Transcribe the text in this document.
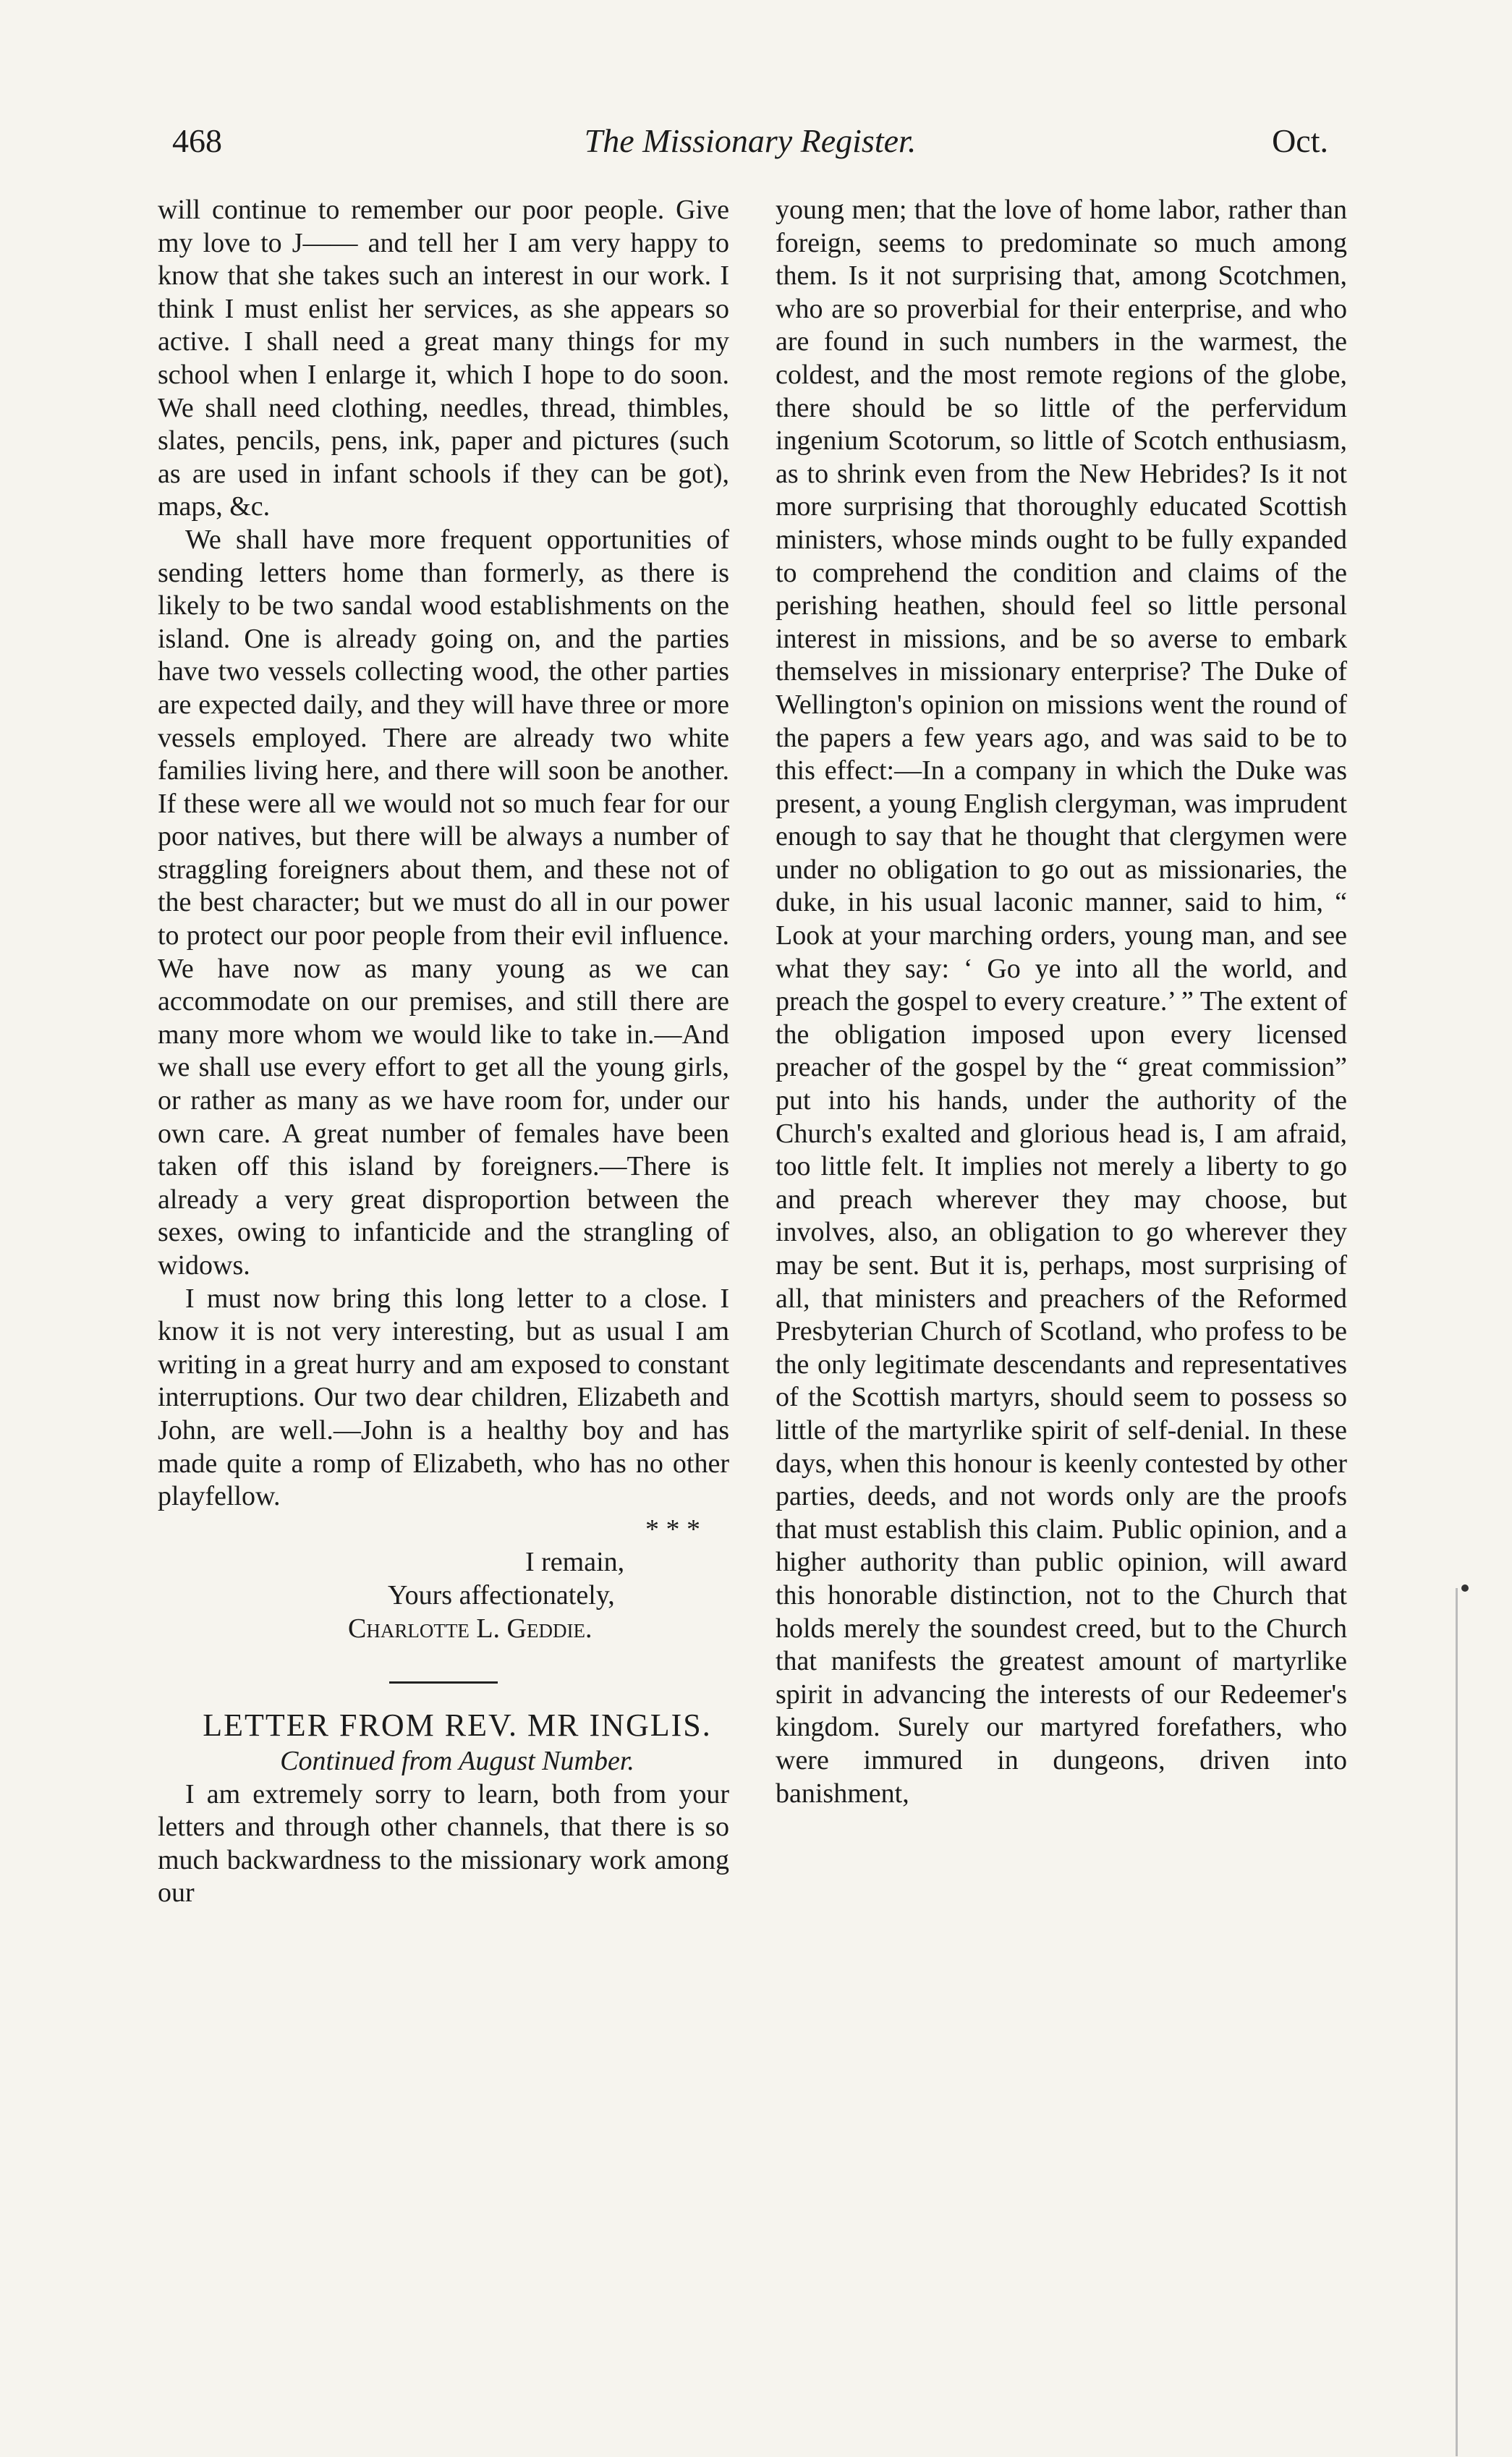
468	The Missionary Register.	Oct.

will continue to remember our poor people. Give my love to J—— and tell her I am very happy to know that she takes such an interest in our work. I think I must enlist her services, as she appears so active. I shall need a great many things for my school when I enlarge it, which I hope to do soon. We shall need clothing, needles, thread, thimbles, slates, pencils, pens, ink, paper and pictures (such as are used in infant schools if they can be got), maps, &c.

We shall have more frequent opportunities of sending letters home than formerly, as there is likely to be two sandal wood establishments on the island. One is already going on, and the parties have two vessels collecting wood, the other parties are expected daily, and they will have three or more vessels employed. There are already two white families living here, and there will soon be another. If these were all we would not so much fear for our poor natives, but there will be always a number of straggling foreigners about them, and these not of the best character; but we must do all in our power to protect our poor people from their evil influence. We have now as many young as we can accommodate on our premises, and still there are many more whom we would like to take in.—And we shall use every effort to get all the young girls, or rather as many as we have room for, under our own care. A great number of females have been taken off this island by foreigners.—There is already a very great disproportion between the sexes, owing to infanticide and the strangling of widows.

I must now bring this long letter to a close. I know it is not very interesting, but as usual I am writing in a great hurry and am exposed to constant interruptions. Our two dear children, Elizabeth and John, are well.—John is a healthy boy and has made quite a romp of Elizabeth, who has no other playfellow.

* * *

I remain,

Yours affectionately,

Charlotte L. Geddie.

LETTER FROM REV. MR INGLIS.

Continued from August Number.

I am extremely sorry to learn, both from your letters and through other channels, that there is so much backwardness to the missionary work among our

young men; that the love of home labor, rather than foreign, seems to predominate so much among them. Is it not surprising that, among Scotchmen, who are so proverbial for their enterprise, and who are found in such numbers in the warmest, the coldest, and the most remote regions of the globe, there should be so little of the perfervidum ingenium Scotorum, so little of Scotch enthusiasm, as to shrink even from the New Hebrides? Is it not more surprising that thoroughly educated Scottish ministers, whose minds ought to be fully expanded to comprehend the condition and claims of the perishing heathen, should feel so little personal interest in missions, and be so averse to embark themselves in missionary enterprise? The Duke of Wellington's opinion on missions went the round of the papers a few years ago, and was said to be to this effect:—In a company in which the Duke was present, a young English clergyman, was imprudent enough to say that he thought that clergymen were under no obligation to go out as missionaries, the duke, in his usual laconic manner, said to him, “ Look at your marching orders, young man, and see what they say: ‘ Go ye into all the world, and preach the gospel to every creature.’ ” The extent of the obligation imposed upon every licensed preacher of the gospel by the “ great commission” put into his hands, under the authority of the Church's exalted and glorious head is, I am afraid, too little felt. It implies not merely a liberty to go and preach wherever they may choose, but involves, also, an obligation to go wherever they may be sent. But it is, perhaps, most surprising of all, that ministers and preachers of the Reformed Presbyterian Church of Scotland, who profess to be the only legitimate descendants and representatives of the Scottish martyrs, should seem to possess so little of the martyrlike spirit of self-denial. In these days, when this honour is keenly contested by other parties, deeds, and not words only are the proofs that must establish this claim. Public opinion, and a higher authority than public opinion, will award this honorable distinction, not to the Church that holds merely the soundest creed, but to the Church that manifests the greatest amount of martyrlike spirit in advancing the interests of our Redeemer's kingdom. Surely our martyred forefathers, who were immured in dungeons, driven into banishment,
